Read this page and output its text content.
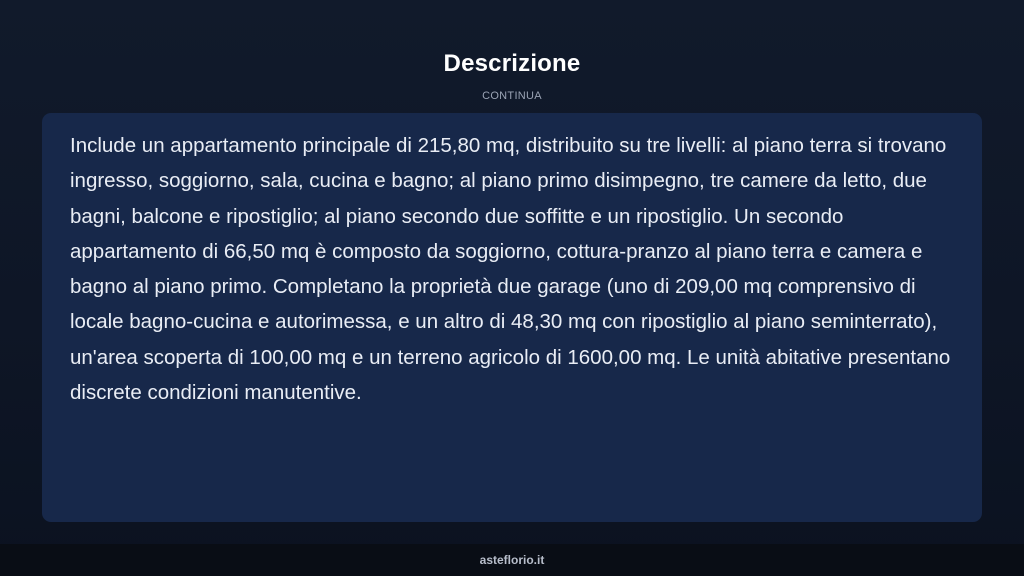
Descrizione
CONTINUA

Include un appartamento principale di 215,80 mq, distribuito su tre livelli: al piano terra si trovano ingresso, soggiorno, sala, cucina e bagno; al piano primo disimpegno, tre camere da letto, due bagni, balcone e ripostiglio; al piano secondo due soffitte e un ripostiglio. Un secondo appartamento di 66,50 mq è composto da soggiorno, cottura-pranzo al piano terra e camera e bagno al piano primo. Completano la proprietà due garage (uno di 209,00 mq comprensivo di locale bagno-cucina e autorimessa, e un altro di 48,30 mq con ripostiglio al piano seminterrato), un'area scoperta di 100,00 mq e un terreno agricolo di 1600,00 mq. Le unità abitative presentano discrete condizioni manutentive.

asteflorio.it
